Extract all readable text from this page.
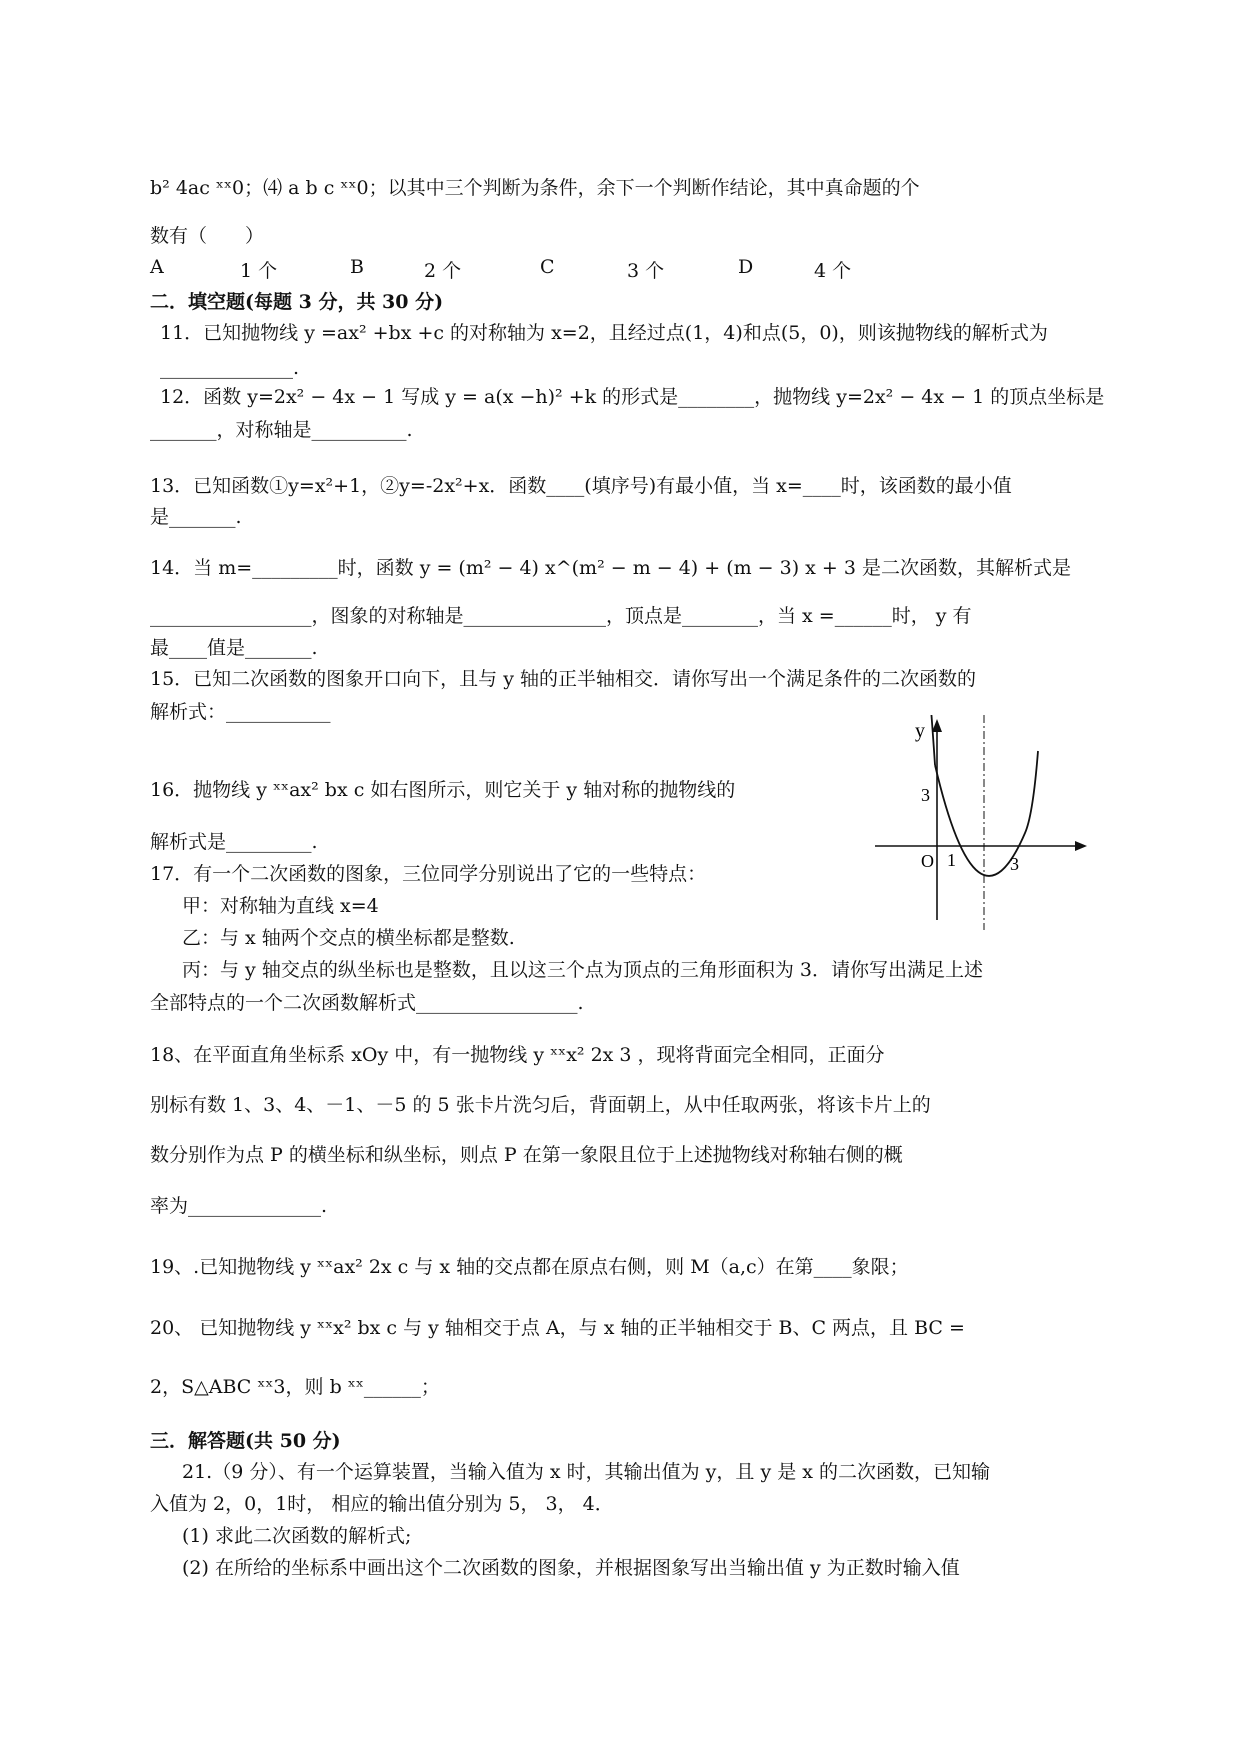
b² 4ac ˣˣ0；⑷ a b c ˣˣ0；以其中三个判断为条件，余下一个判断作结论，其中真命题的个
数有（　　）
二．填空题(每题 3 分，共 30 分)
11．已知抛物线 y =ax² +bx +c 的对称轴为 x=2，且经过点(1，4)和点(5，0)，则该抛物线的解析式为
______________.
12．函数 y=2x² − 4x − 1 写成 y = a(x −h)² +k 的形式是________，抛物线 y=2x² − 4x − 1 的顶点坐标是
_______，对称轴是__________.
13．已知函数①y=x²+1，②y=-2x²+x．函数____(填序号)有最小值，当 x=____时，该函数的最小值
是_______.
14．当 m=_________时，函数 y = (m² − 4) x^(m² − m − 4) + (m − 3) x + 3 是二次函数，其解析式是
_________________，图象的对称轴是_______________，顶点是________，当 x =______时， y 有
最____值是_______.
15．已知二次函数的图象开口向下，且与 y 轴的正半轴相交．请你写出一个满足条件的二次函数的
解析式：___________
16．抛物线 y ˣˣax² bx c 如右图所示，则它关于 y 轴对称的抛物线的
解析式是_________.
17．有一个二次函数的图象，三位同学分别说出了它的一些特点：
甲：对称轴为直线 x=4
乙：与 x 轴两个交点的横坐标都是整数.
丙：与 y 轴交点的纵坐标也是整数，且以这三个点为顶点的三角形面积为 3．请你写出满足上述
全部特点的一个二次函数解析式_________________.
18、在平面直角坐标系 xOy 中，有一抛物线 y ˣˣx² 2x 3 ，现将背面完全相同，正面分
别标有数 1、3、4、－1、－5 的 5 张卡片洗匀后，背面朝上，从中任取两张，将该卡片上的
数分别作为点 P 的横坐标和纵坐标，则点 P 在第一象限且位于上述抛物线对称轴右侧的概
率为______________.
19、.已知抛物线 y ˣˣax² 2x c 与 x 轴的交点都在原点右侧，则 M（a,c）在第____象限；
20、 已知抛物线 y ˣˣx² bx c 与 y 轴相交于点 A，与 x 轴的正半轴相交于 B、C 两点，且 BC =
2，S△ABC ˣˣ3，则 b ˣˣ______；
三．解答题(共 50 分)
21.（9 分）、有一个运算装置，当输入值为 x 时，其输出值为 y，且 y 是 x 的二次函数，已知输
入值为 2，0，1时， 相应的输出值分别为 5， 3， 4．
(1) 求此二次函数的解析式;
(2) 在所给的坐标系中画出这个二次函数的图象，并根据图象写出当输出值 y 为正数时输入值
A	1 个	B	2 个	C	3 个	D	4 个
y
3
O 1	3
